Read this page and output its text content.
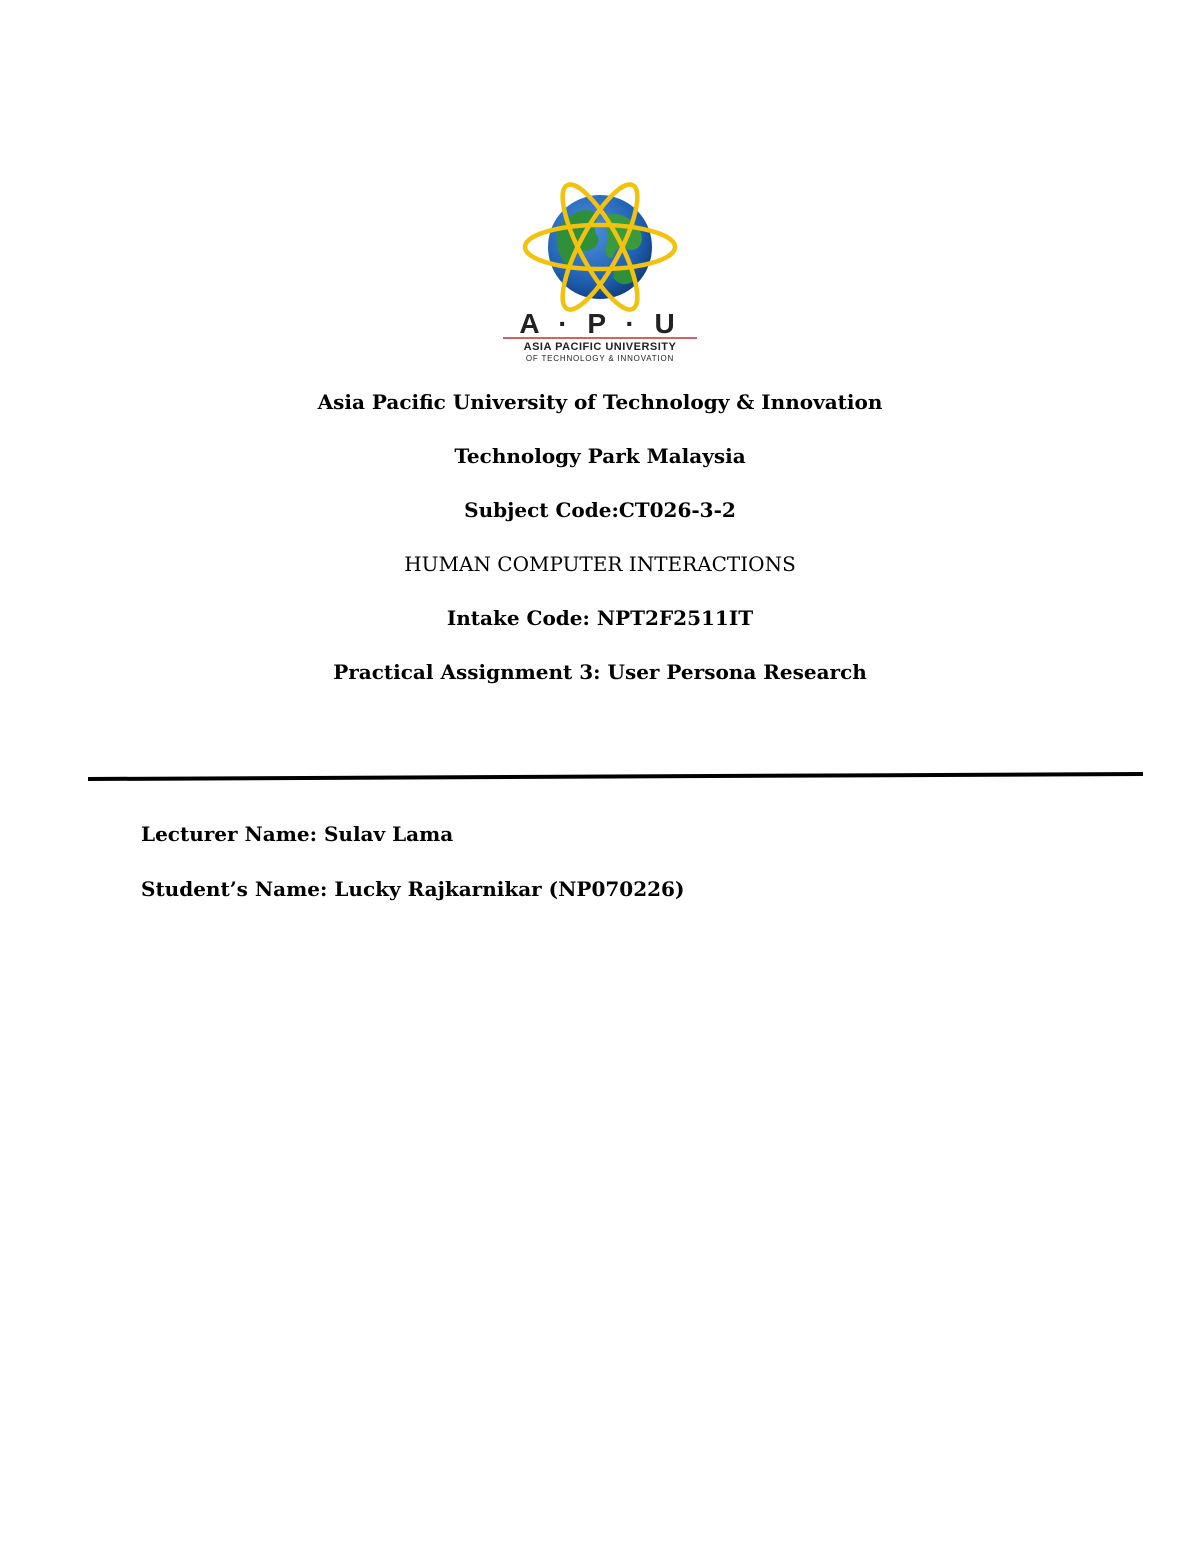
A · P · U
ASIA PACIFIC UNIVERSITY
OF TECHNOLOGY & INNOVATION
Asia Pacific University of Technology & Innovation
Technology Park Malaysia
Subject Code:CT026-3-2
HUMAN COMPUTER INTERACTIONS
Intake Code: NPT2F2511IT
Practical Assignment 3: User Persona Research
Lecturer Name: Sulav Lama
Student’s Name: Lucky Rajkarnikar (NP070226)
